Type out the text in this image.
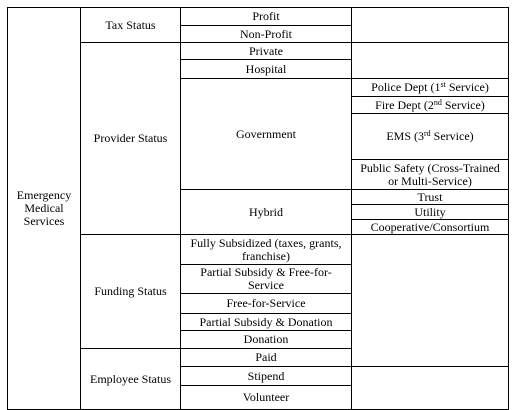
Emergency Medical Services	Tax Status	Profit	
		Non-Profit	
	Provider Status	Private	
		Hospital	
		Government	Police Dept (1st Service)
			Fire Dept (2nd Service)
			EMS (3rd Service)
			Public Safety (Cross-Trained or Multi-Service)
		Hybrid	Trust
			Utility
			Cooperative/Consortium
	Funding Status	Fully Subsidized (taxes, grants, franchise)	
		Partial Subsidy & Free-for-Service	
		Free-for-Service	
		Partial Subsidy & Donation	
		Donation	
	Employee Status	Paid	
		Stipend	
		Volunteer	
